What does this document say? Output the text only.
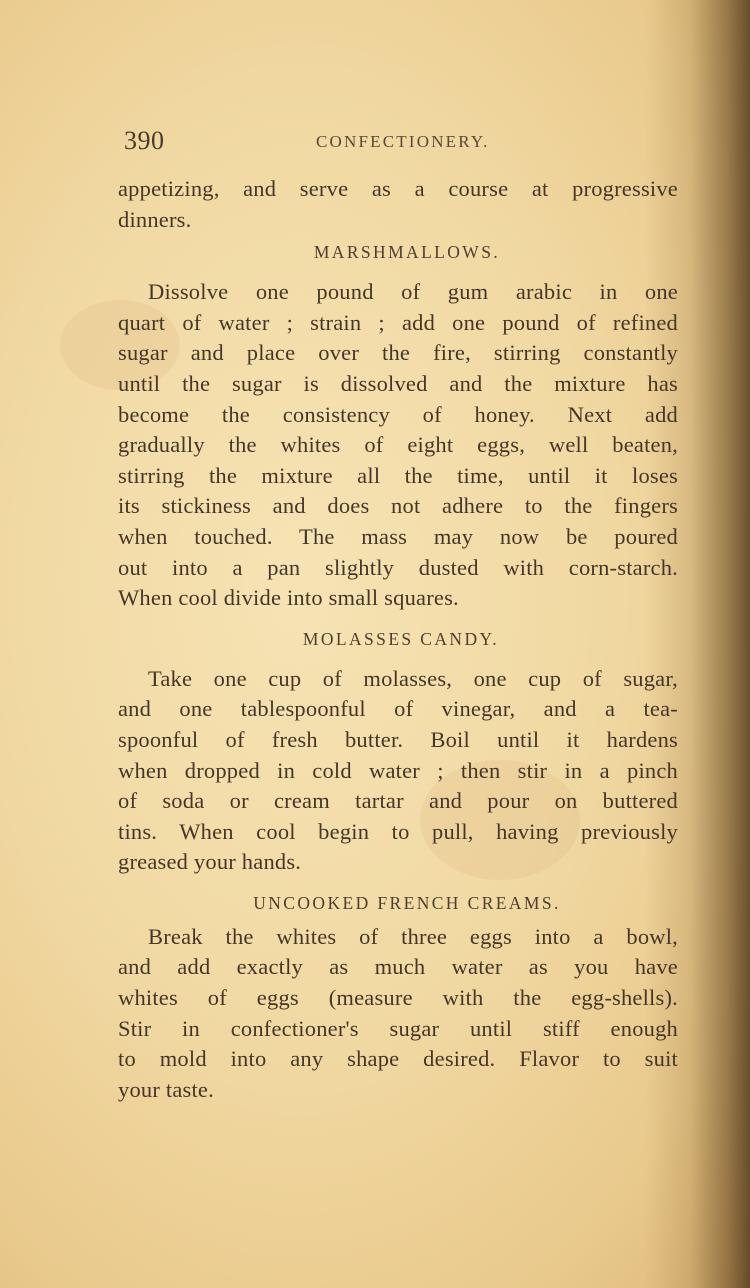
390	CONFECTIONERY.
appetizing, and serve as a course at progressive
dinners.
MARSHMALLOWS.
Dissolve one pound of gum arabic in one
quart of water ; strain ; add one pound of refined
sugar and place over the fire, stirring constantly
until the sugar is dissolved and the mixture has
become the consistency of honey. Next add
gradually the whites of eight eggs, well beaten,
stirring the mixture all the time, until it loses
its stickiness and does not adhere to the fingers
when touched. The mass may now be poured
out into a pan slightly dusted with corn-starch.
When cool divide into small squares.
MOLASSES CANDY.
Take one cup of molasses, one cup of sugar,
and one tablespoonful of vinegar, and a tea-
spoonful of fresh butter. Boil until it hardens
when dropped in cold water ; then stir in a pinch
of soda or cream tartar and pour on buttered
tins. When cool begin to pull, having previously
greased your hands.
UNCOOKED FRENCH CREAMS.
Break the whites of three eggs into a bowl,
and add exactly as much water as you have
whites of eggs (measure with the egg-shells).
Stir in confectioner's sugar until stiff enough
to mold into any shape desired. Flavor to suit
your taste.
